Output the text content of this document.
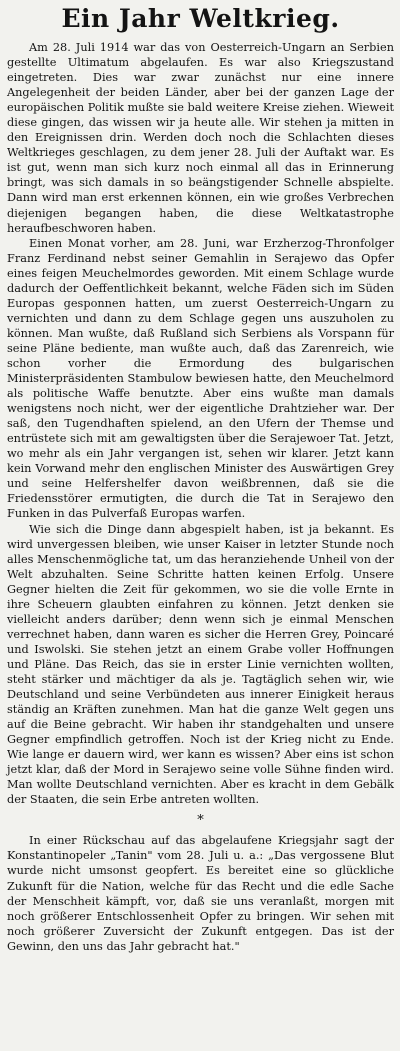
Ein Jahr Weltkrieg.

Am 28. Juli 1914 war das von Oesterreich-Ungarn an Serbien gestellte Ultimatum abgelaufen. Es war also Kriegszustand eingetreten. Dies war zwar zunächst nur eine innere Angelegenheit der beiden Länder, aber bei der ganzen Lage der europäischen Politik mußte sie bald weitere Kreise ziehen. Wieweit diese gingen, das wissen wir ja heute alle. Wir stehen ja mitten in den Ereignissen drin. Werden doch noch die Schlachten dieses Weltkrieges geschlagen, zu dem jener 28. Juli der Auftakt war. Es ist gut, wenn man sich kurz noch einmal all das in Erinnerung bringt, was sich damals in so beängstigender Schnelle abspielte. Dann wird man erst erkennen können, ein wie großes Verbrechen diejenigen begangen haben, die diese Weltkatastrophe heraufbeschworen haben.

Einen Monat vorher, am 28. Juni, war Erzherzog-Thronfolger Franz Ferdinand nebst seiner Gemahlin in Serajewo das Opfer eines feigen Meuchelmordes geworden. Mit einem Schlage wurde dadurch der Oeffentlichkeit bekannt, welche Fäden sich im Süden Europas gesponnen hatten, um zuerst Oesterreich-Ungarn zu vernichten und dann zu dem Schlage gegen uns auszuholen zu können. Man wußte, daß Rußland sich Serbiens als Vorspann für seine Pläne bediente, man wußte auch, daß das Zarenreich, wie schon vorher die Ermordung des bulgarischen Ministerpräsidenten Stambulow bewiesen hatte, den Meuchelmord als politische Waffe benutzte. Aber eins wußte man damals wenigstens noch nicht, wer der eigentliche Drahtzieher war. Der saß, den Tugendhaften spielend, an den Ufern der Themse und entrüstete sich mit am gewaltigsten über die Serajewoer Tat. Jetzt, wo mehr als ein Jahr vergangen ist, sehen wir klarer. Jetzt kann kein Vorwand mehr den englischen Minister des Auswärtigen Grey und seine Helfershelfer davon weißbrennen, daß sie die Friedensstörer ermutigten, die durch die Tat in Serajewo den Funken in das Pulverfaß Europas warfen.

Wie sich die Dinge dann abgespielt haben, ist ja bekannt. Es wird unvergessen bleiben, wie unser Kaiser in letzter Stunde noch alles Menschenmögliche tat, um das heranziehende Unheil von der Welt abzuhalten. Seine Schritte hatten keinen Erfolg. Unsere Gegner hielten die Zeit für gekommen, wo sie die volle Ernte in ihre Scheuern glaubten einfahren zu können. Jetzt denken sie vielleicht anders darüber; denn wenn sich je einmal Menschen verrechnet haben, dann waren es sicher die Herren Grey, Poincaré und Iswolski. Sie stehen jetzt an einem Grabe voller Hoffnungen und Pläne. Das Reich, das sie in erster Linie vernichten wollten, steht stärker und mächtiger da als je. Tagtäglich sehen wir, wie Deutschland und seine Verbündeten aus innerer Einigkeit heraus ständig an Kräften zunehmen. Man hat die ganze Welt gegen uns auf die Beine gebracht. Wir haben ihr standgehalten und unsere Gegner empfindlich getroffen. Noch ist der Krieg nicht zu Ende. Wie lange er dauern wird, wer kann es wissen? Aber eins ist schon jetzt klar, daß der Mord in Serajewo seine volle Sühne finden wird. Man wollte Deutschland vernichten. Aber es kracht in dem Gebälk der Staaten, die sein Erbe antreten wollten.

*

In einer Rückschau auf das abgelaufene Kriegsjahr sagt der Konstantinopeler „Tanin" vom 28. Juli u. a.: „Das vergossene Blut wurde nicht umsonst geopfert. Es bereitet eine so glückliche Zukunft für die Nation, welche für das Recht und die edle Sache der Menschheit kämpft, vor, daß sie uns veranlaßt, morgen mit noch größerer Entschlossenheit Opfer zu bringen. Wir sehen mit noch größerer Zuversicht der Zukunft entgegen. Das ist der Gewinn, den uns das Jahr gebracht hat."
